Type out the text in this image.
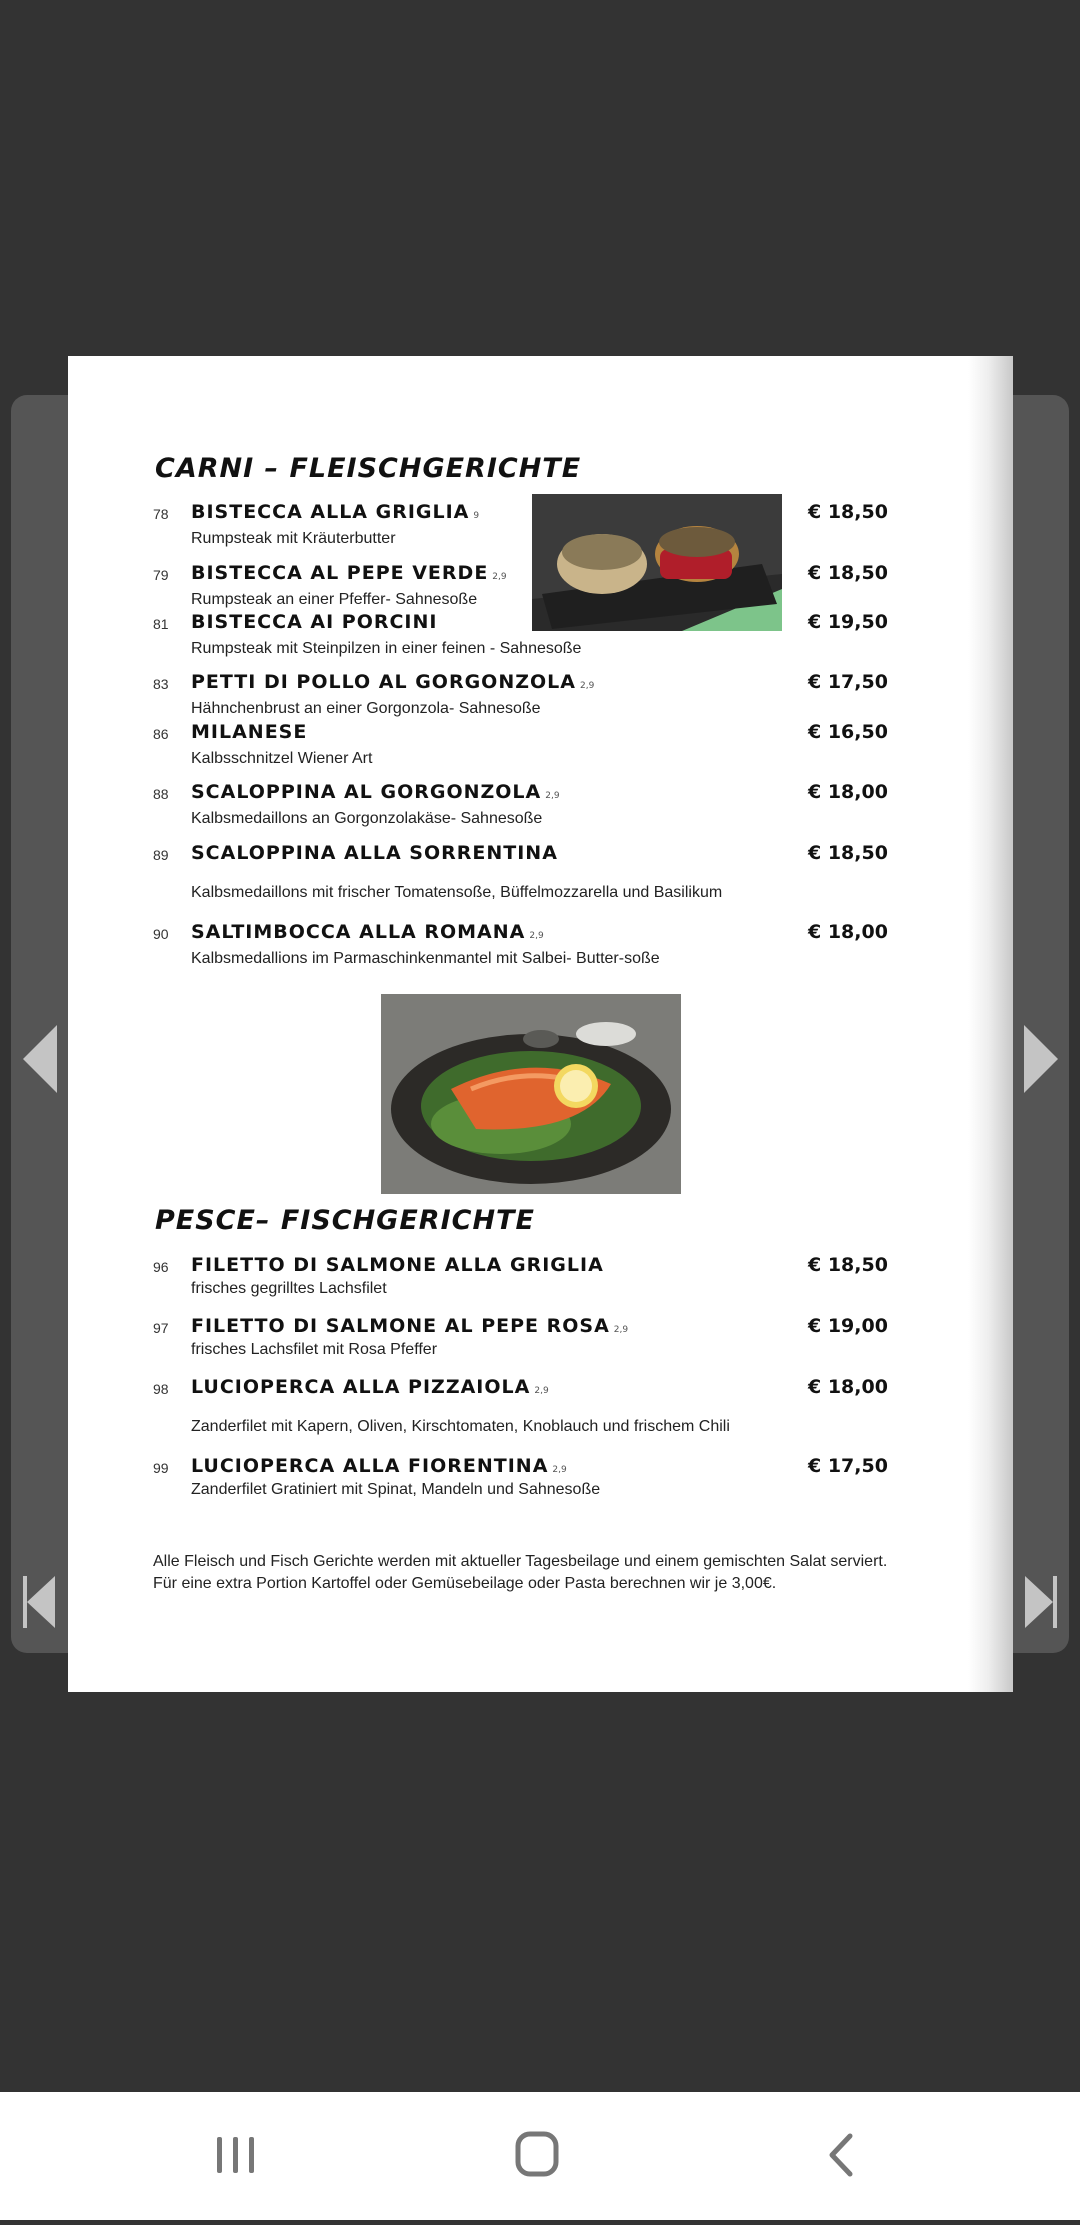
CARNI – FLEISCHGERICHTE
78 BISTECCA ALLA GRIGLIA 9
Rumpsteak mit Kräuterbutter
€ 18,50
79 BISTECCA AL PEPE VERDE 2,9
Rumpsteak an einer Pfeffer- Sahnesoße
€ 18,50
81 BISTECCA AI PORCINI
Rumpsteak mit Steinpilzen in einer feinen - Sahnesoße
€ 19,50
83 PETTI DI POLLO AL GORGONZOLA 2,9
Hähnchenbrust an einer Gorgonzola- Sahnesoße
€ 17,50
86 MILANESE
Kalbsschnitzel Wiener Art
€ 16,50
88 SCALOPPINA AL GORGONZOLA 2,9
Kalbsmedaillons an Gorgonzolakäse- Sahnesoße
€ 18,00
89 SCALOPPINA ALLA SORRENTINA
Kalbsmedaillons mit frischer Tomatensoße, Büffelmozzarella und Basilikum
€ 18,50
90 SALTIMBOCCA ALLA ROMANA 2,9
Kalbsmedallions im Parmaschinkenmantel mit Salbei- Butter-soße
€ 18,00
PESCE– FISCHGERICHTE
96 FILETTO DI SALMONE ALLA GRIGLIA
frisches gegrilltes Lachsfilet
€ 18,50
97 FILETTO DI SALMONE AL PEPE ROSA 2,9
frisches Lachsfilet mit Rosa Pfeffer
€ 19,00
98 LUCIOPERCA ALLA PIZZAIOLA 2,9
Zanderfilet mit Kapern, Oliven, Kirschtomaten, Knoblauch und frischem Chili
€ 18,00
99 LUCIOPERCA ALLA FIORENTINA 2,9
Zanderfilet Gratiniert mit Spinat, Mandeln und Sahnesoße
€ 17,50
Alle Fleisch und Fisch Gerichte werden mit aktueller Tagesbeilage und einem gemischten Salat serviert. Für eine extra Portion Kartoffel oder Gemüsebeilage oder Pasta berechnen wir je 3,00€.
